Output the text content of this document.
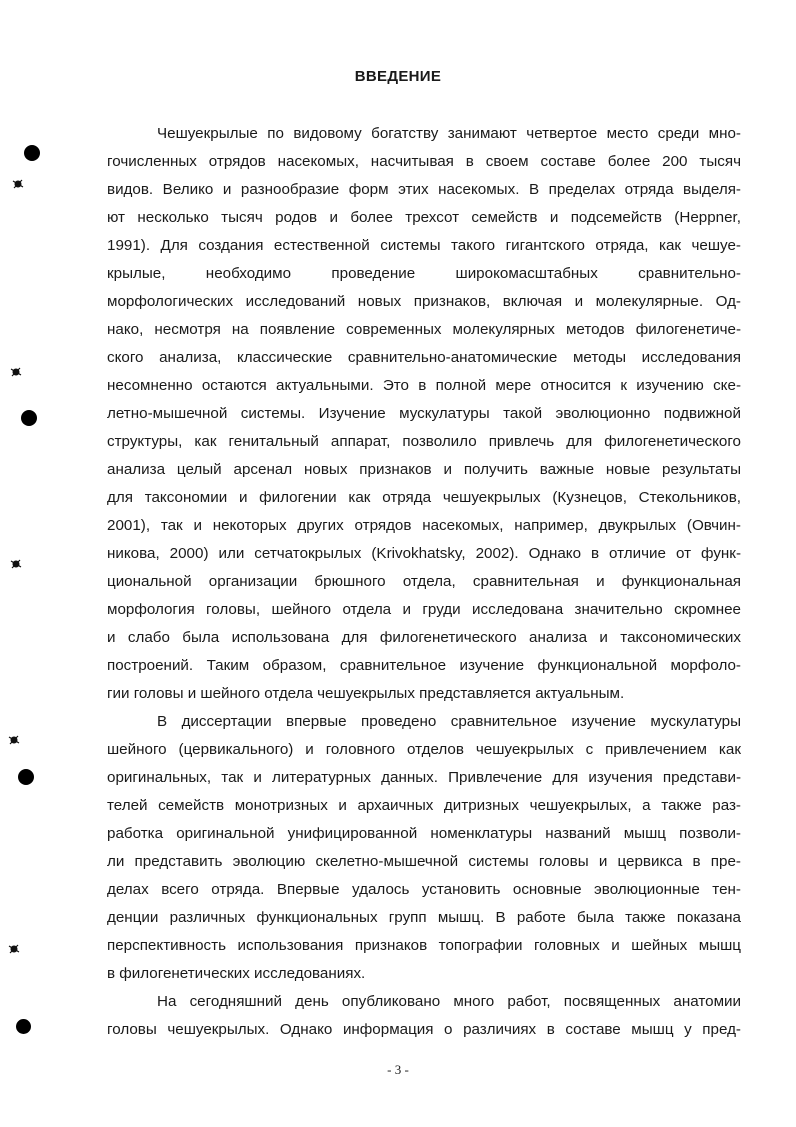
ВВЕДЕНИЕ
Чешуекрылые по видовому богатству занимают четвертое место среди мно-
гочисленных отрядов насекомых, насчитывая в своем составе более 200 тысяч
видов. Велико и разнообразие форм этих насекомых. В пределах отряда выделя-
ют несколько тысяч родов и более трехсот семейств и подсемейств (Heppner,
1991). Для создания естественной системы такого гигантского отряда, как чешуе-
крылые, необходимо проведение широкомасштабных сравнительно-
морфологических исследований новых признаков, включая и молекулярные. Од-
нако, несмотря на появление современных молекулярных методов филогенетиче-
ского анализа, классические сравнительно-анатомические методы исследования
несомненно остаются актуальными. Это в полной мере относится к изучению ске-
летно-мышечной системы. Изучение мускулатуры такой эволюционно подвижной
структуры, как генитальный аппарат, позволило привлечь для филогенетического
анализа целый арсенал новых признаков и получить важные новые результаты
для таксономии и филогении как отряда чешуекрылых (Кузнецов, Стекольников,
2001), так и некоторых других отрядов насекомых, например, двукрылых (Овчин-
никова, 2000) или сетчатокрылых (Krivokhatsky, 2002). Однако в отличие от функ-
циональной организации брюшного отдела, сравнительная и функциональная
морфология головы, шейного отдела и груди исследована значительно скромнее
и слабо была использована для филогенетического анализа и таксономических
построений. Таким образом, сравнительное изучение функциональной морфоло-
гии головы и шейного отдела чешуекрылых представляется актуальным.
В диссертации впервые проведено сравнительное изучение мускулатуры
шейного (цервикального) и головного отделов чешуекрылых с привлечением как
оригинальных, так и литературных данных. Привлечение для изучения представи-
телей семейств монотризных и архаичных дитризных чешуекрылых, а также раз-
работка оригинальной унифицированной номенклатуры названий мышц позволи-
ли представить эволюцию скелетно-мышечной системы головы и цервикса в пре-
делах всего отряда. Впервые удалось установить основные эволюционные тен-
денции различных функциональных групп мышц. В работе была также показана
перспективность использования признаков топографии головных и шейных мышц
в филогенетических исследованиях.
На сегодняшний день опубликовано много работ, посвященных анатомии
головы чешуекрылых. Однако информация о различиях в составе мышц у пред-
- 3 -
